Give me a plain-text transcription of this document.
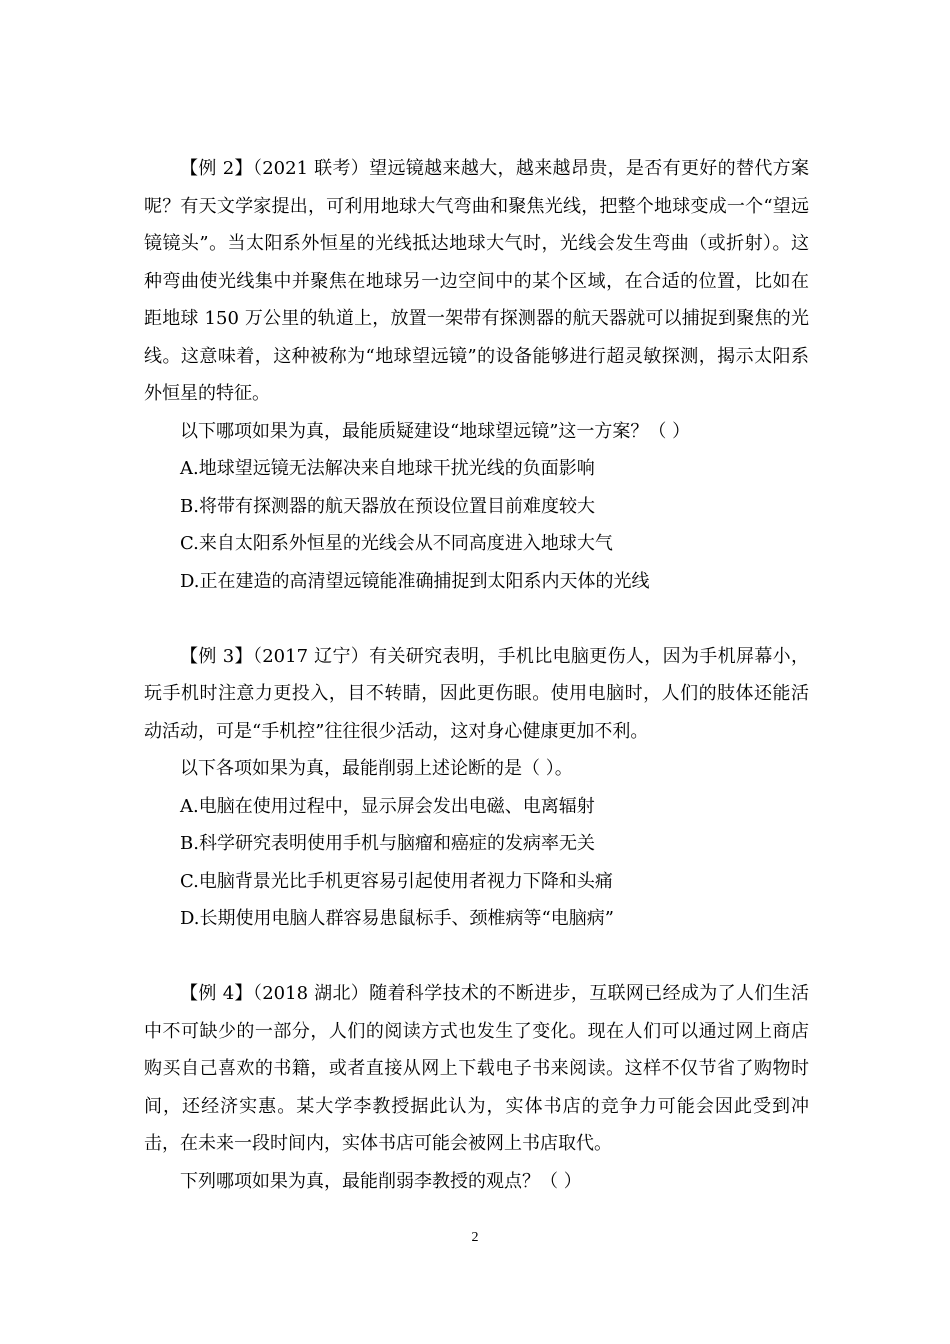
【例 2】（2021 联考）望远镜越来越大，越来越昂贵，是否有更好的替代方案呢？有天文学家提出，可利用地球大气弯曲和聚焦光线，把整个地球变成一个“望远镜镜头”。当太阳系外恒星的光线抵达地球大气时，光线会发生弯曲（或折射）。这种弯曲使光线集中并聚焦在地球另一边空间中的某个区域，在合适的位置，比如在距地球 150 万公里的轨道上，放置一架带有探测器的航天器就可以捕捉到聚焦的光线。这意味着，这种被称为“地球望远镜”的设备能够进行超灵敏探测，揭示太阳系外恒星的特征。

以下哪项如果为真，最能质疑建设“地球望远镜”这一方案？（ ）

A.地球望远镜无法解决来自地球干扰光线的负面影响

B.将带有探测器的航天器放在预设位置目前难度较大

C.来自太阳系外恒星的光线会从不同高度进入地球大气

D.正在建造的高清望远镜能准确捕捉到太阳系内天体的光线

【例 3】（2017 辽宁）有关研究表明，手机比电脑更伤人，因为手机屏幕小，玩手机时注意力更投入，目不转睛，因此更伤眼。使用电脑时，人们的肢体还能活动活动，可是“手机控”往往很少活动，这对身心健康更加不利。

以下各项如果为真，最能削弱上述论断的是（ ）。

A.电脑在使用过程中，显示屏会发出电磁、电离辐射

B.科学研究表明使用手机与脑瘤和癌症的发病率无关

C.电脑背景光比手机更容易引起使用者视力下降和头痛

D.长期使用电脑人群容易患鼠标手、颈椎病等“电脑病”

【例 4】（2018 湖北）随着科学技术的不断进步，互联网已经成为了人们生活中不可缺少的一部分，人们的阅读方式也发生了变化。现在人们可以通过网上商店购买自己喜欢的书籍，或者直接从网上下载电子书来阅读。这样不仅节省了购物时间，还经济实惠。某大学李教授据此认为，实体书店的竞争力可能会因此受到冲击，在未来一段时间内，实体书店可能会被网上书店取代。

下列哪项如果为真，最能削弱李教授的观点？（ ）

2
